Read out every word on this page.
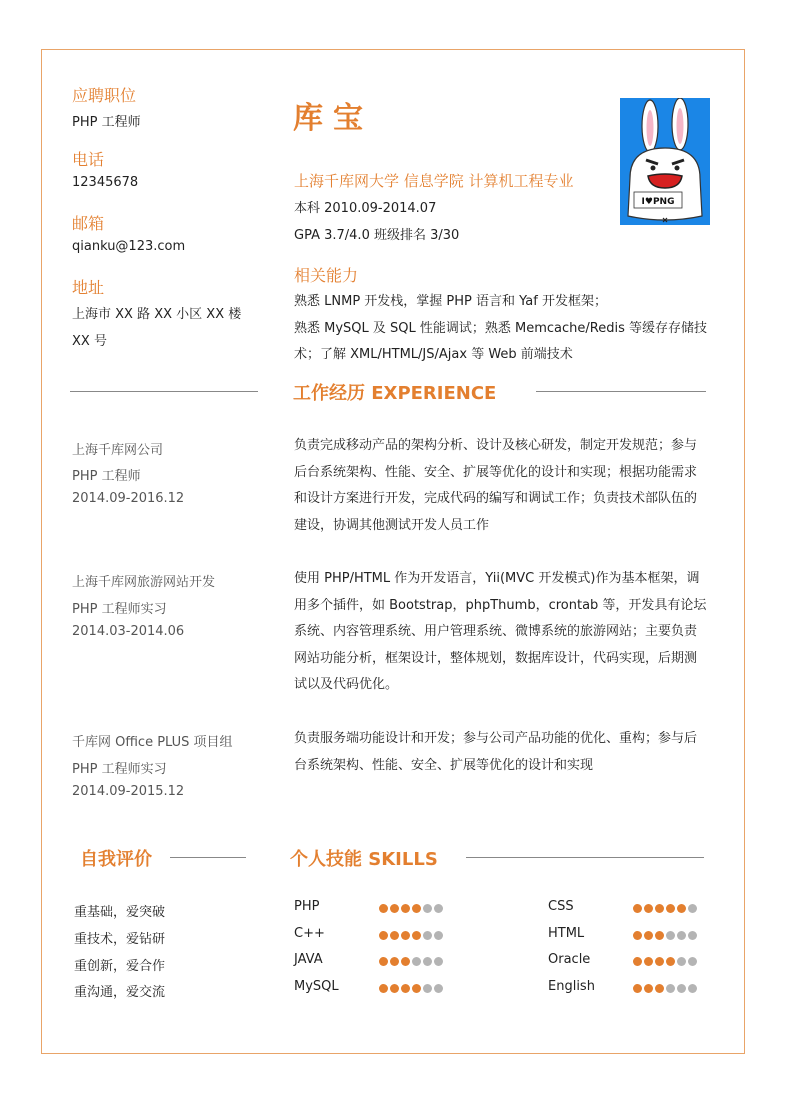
应聘职位
PHP 工程师
电话
12345678
邮箱
qianku@123.com
地址
上海市 XX 路 XX 小区 XX 楼
XX 号
库宝
上海千库网大学 信息学院 计算机工程专业
本科 2010.09-2014.07
GPA 3.7/4.0 班级排名 3/30
I♥PNG
相关能力
熟悉 LNMP 开发栈，掌握 PHP 语言和 Yaf 开发框架；
熟悉 MySQL 及 SQL 性能调试；熟悉 Memcache/Redis 等缓存存储技
术；了解 XML/HTML/JS/Ajax 等 Web 前端技术
工作经历 EXPERIENCE
上海千库网公司
PHP 工程师
2014.09-2016.12
负责完成移动产品的架构分析、设计及核心研发，制定开发规范；参与
后台系统架构、性能、安全、扩展等优化的设计和实现；根据功能需求
和设计方案进行开发，完成代码的编写和调试工作；负责技术部队伍的
建设，协调其他测试开发人员工作
上海千库网旅游网站开发
PHP 工程师实习
2014.03-2014.06
使用 PHP/HTML 作为开发语言，Yii(MVC 开发模式)作为基本框架，调
用多个插件，如 Bootstrap，phpThumb，crontab 等，开发具有论坛
系统、内容管理系统、用户管理系统、微博系统的旅游网站；主要负责
网站功能分析，框架设计，整体规划，数据库设计，代码实现，后期测
试以及代码优化。
千库网 Office PLUS 项目组
PHP 工程师实习
2014.09-2015.12
负责服务端功能设计和开发；参与公司产品功能的优化、重构；参与后
台系统架构、性能、安全、扩展等优化的设计和实现
自我评价
重基础，爱突破
重技术，爱钻研
重创新，爱合作
重沟通，爱交流
个人技能 SKILLS
PHP
C++
JAVA
MySQL
CSS
HTML
Oracle
English
